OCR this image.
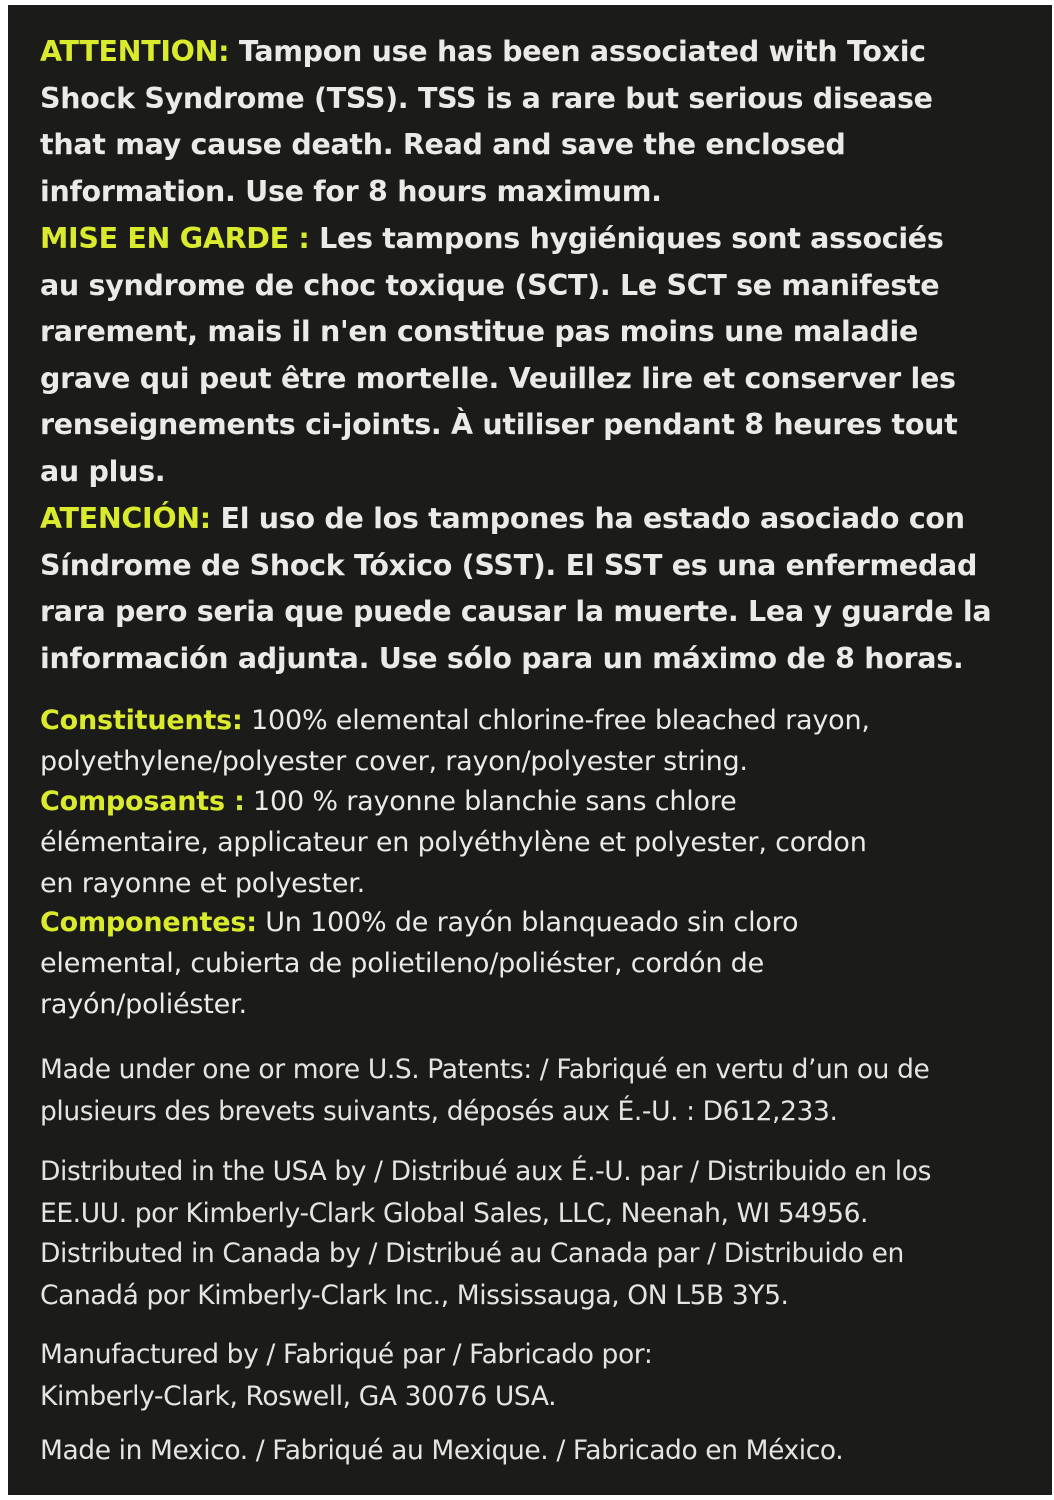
ATTENTION: Tampon use has been associated with Toxic
Shock Syndrome (TSS). TSS is a rare but serious disease
that may cause death. Read and save the enclosed
information. Use for 8 hours maximum.

MISE EN GARDE : Les tampons hygiéniques sont associés
au syndrome de choc toxique (SCT). Le SCT se manifeste
rarement, mais il n'en constitue pas moins une maladie
grave qui peut être mortelle. Veuillez lire et conserver les
renseignements ci-joints. À utiliser pendant 8 heures tout
au plus.

ATENCIÓN: El uso de los tampones ha estado asociado con
Síndrome de Shock Tóxico (SST). El SST es una enfermedad
rara pero seria que puede causar la muerte. Lea y guarde la
información adjunta. Use sólo para un máximo de 8 horas.

Constituents: 100% elemental chlorine-free bleached rayon,
polyethylene/polyester cover, rayon/polyester string.

Composants : 100 % rayonne blanchie sans chlore
élémentaire, applicateur en polyéthylène et polyester, cordon
en rayonne et polyester.

Componentes: Un 100% de rayón blanqueado sin cloro
elemental, cubierta de polietileno/poliéster, cordón de
rayón/poliéster.

Made under one or more U.S. Patents: / Fabriqué en vertu d’un ou de
plusieurs des brevets suivants, déposés aux É.-U. : D612,233.

Distributed in the USA by / Distribué aux É.-U. par / Distribuido en los
EE.UU. por Kimberly-Clark Global Sales, LLC, Neenah, WI 54956.

Distributed in Canada by / Distribué au Canada par / Distribuido en
Canadá por Kimberly-Clark Inc., Mississauga, ON L5B 3Y5.

Manufactured by / Fabriqué par / Fabricado por:
Kimberly-Clark, Roswell, GA 30076 USA.

Made in Mexico. / Fabriqué au Mexique. / Fabricado en México.
